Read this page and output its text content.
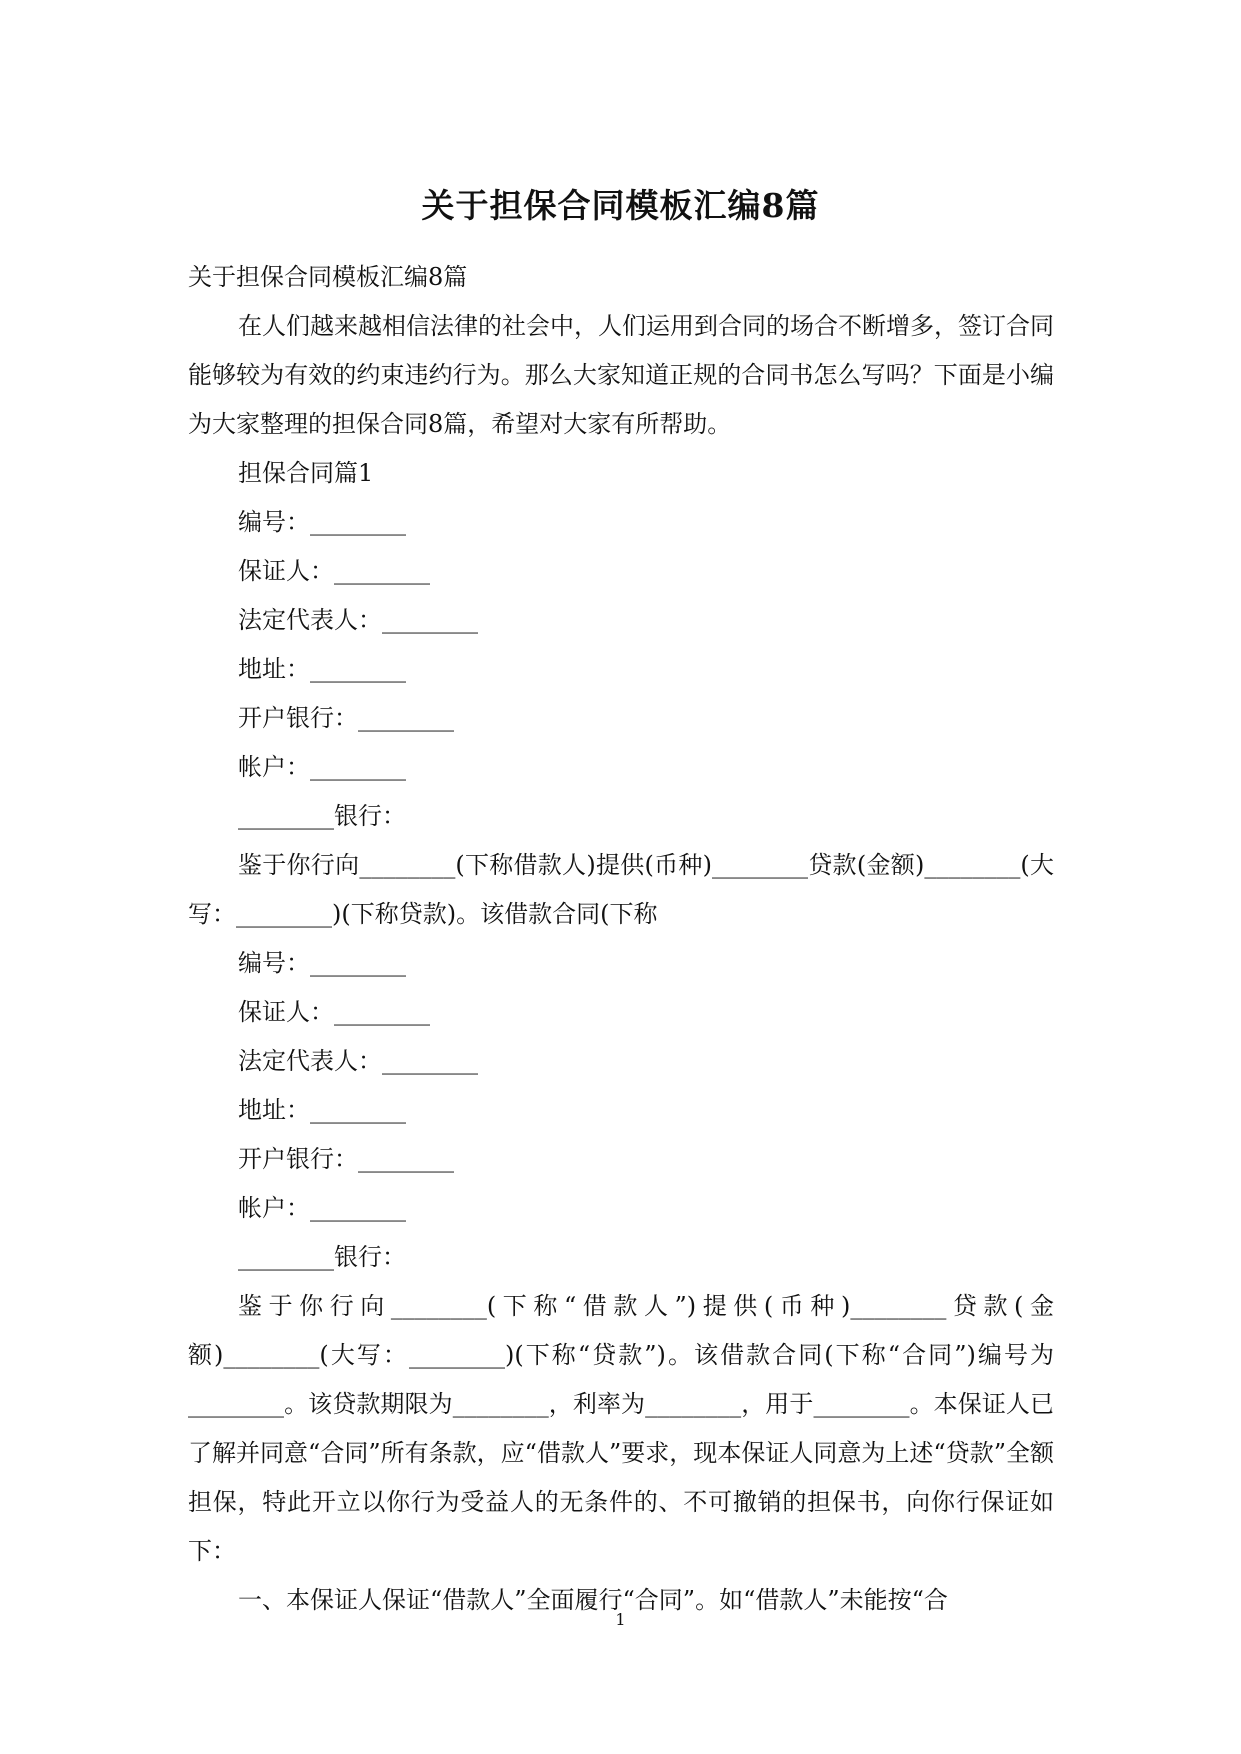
关于担保合同模板汇编8篇

关于担保合同模板汇编8篇

在人们越来越相信法律的社会中，人们运用到合同的场合不断增多，签订合同能够较为有效的约束违约行为。那么大家知道正规的合同书怎么写吗？下面是小编为大家整理的担保合同8篇，希望对大家有所帮助。

担保合同篇1

编号：________

保证人：________

法定代表人：________

地址：________

开户银行：________

帐户：________

________银行：

鉴于你行向________(下称借款人)提供(币种)________贷款(金额)________(大写：________)(下称贷款)。该借款合同(下称

编号：________

保证人：________

法定代表人：________

地址：________

开户银行：________

帐户：________

________银行：

鉴于你行向________(下称“借款人”)提供(币种)________贷款(金额)________(大写：________)(下称“贷款”)。该借款合同(下称“合同”)编号为________。该贷款期限为________，利率为________，用于________。本保证人已了解并同意“合同”所有条款，应“借款人”要求，现本保证人同意为上述“贷款”全额担保，特此开立以你行为受益人的无条件的、不可撤销的担保书，向你行保证如下：

一、本保证人保证“借款人”全面履行“合同”。如“借款人”未能按“合

1
